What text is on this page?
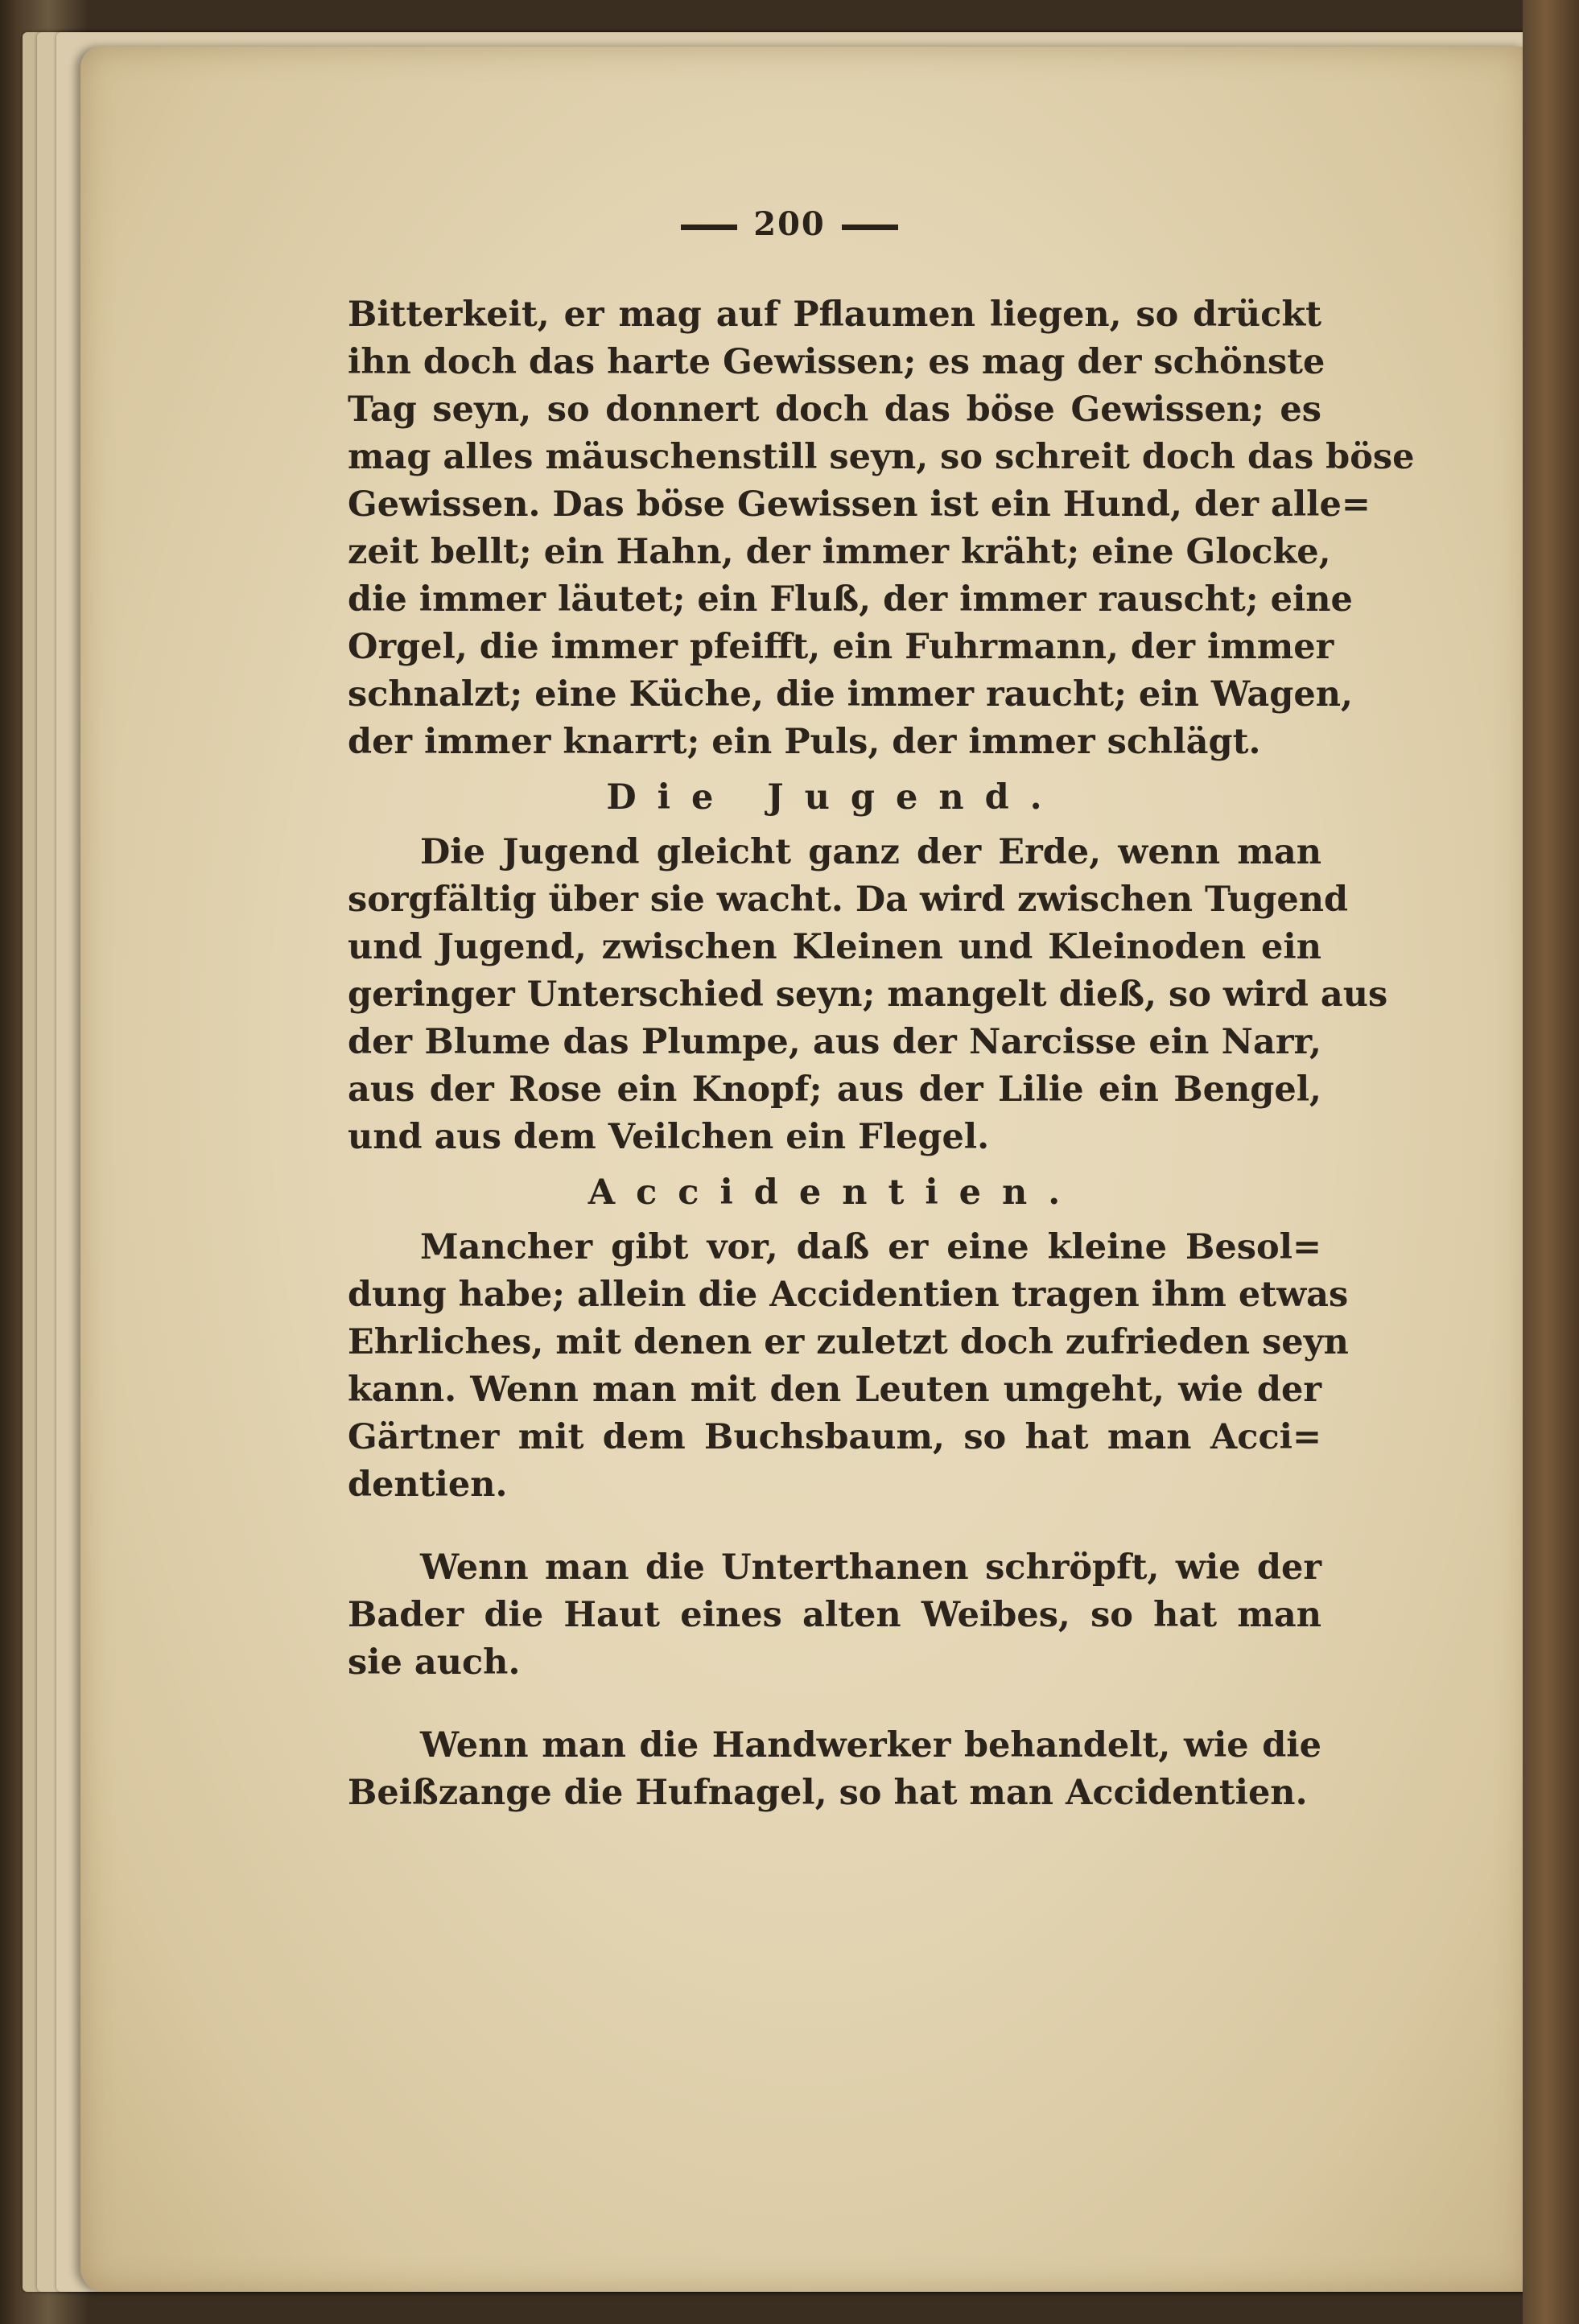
200
Bitterkeit, er mag auf Pflaumen liegen, so drückt
ihn doch das harte Gewissen; es mag der schönste
Tag seyn, so donnert doch das böse Gewissen; es
mag alles mäuschenstill seyn, so schreit doch das böse
Gewissen. Das böse Gewissen ist ein Hund, der alle=
zeit bellt; ein Hahn, der immer kräht; eine Glocke,
die immer läutet; ein Fluß, der immer rauscht; eine
Orgel, die immer pfeifft, ein Fuhrmann, der immer
schnalzt; eine Küche, die immer raucht; ein Wagen,
der immer knarrt; ein Puls, der immer schlägt.
Die Jugend.
Die Jugend gleicht ganz der Erde, wenn man
sorgfältig über sie wacht. Da wird zwischen Tugend
und Jugend, zwischen Kleinen und Kleinoden ein
geringer Unterschied seyn; mangelt dieß, so wird aus
der Blume das Plumpe, aus der Narcisse ein Narr,
aus der Rose ein Knopf; aus der Lilie ein Bengel,
und aus dem Veilchen ein Flegel.
Accidentien.
Mancher gibt vor, daß er eine kleine Besol=
dung habe; allein die Accidentien tragen ihm etwas
Ehrliches, mit denen er zuletzt doch zufrieden seyn
kann. Wenn man mit den Leuten umgeht, wie der
Gärtner mit dem Buchsbaum, so hat man Acci=
dentien.
Wenn man die Unterthanen schröpft, wie der
Bader die Haut eines alten Weibes, so hat man
sie auch.
Wenn man die Handwerker behandelt, wie die
Beißzange die Hufnagel, so hat man Accidentien.
